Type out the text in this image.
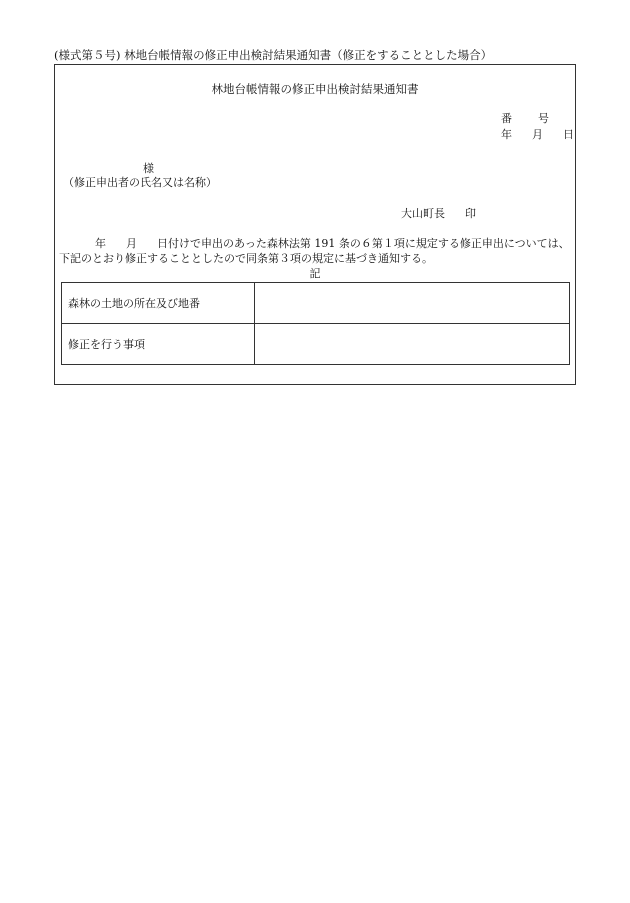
(様式第５号) 林地台帳情報の修正申出検討結果通知書（修正をすることとした場合）
林地台帳情報の修正申出検討結果通知書
番 号
年 月 日
様
（修正申出者の氏名又は名称）
大山町長 印
年 月 日付けで申出のあった森林法第 191 条の６第１項に規定する修正申出については、下記のとおり修正することとしたので同条第３項の規定に基づき通知する。
記
森林の土地の所在及び地番	
修正を行う事項	
